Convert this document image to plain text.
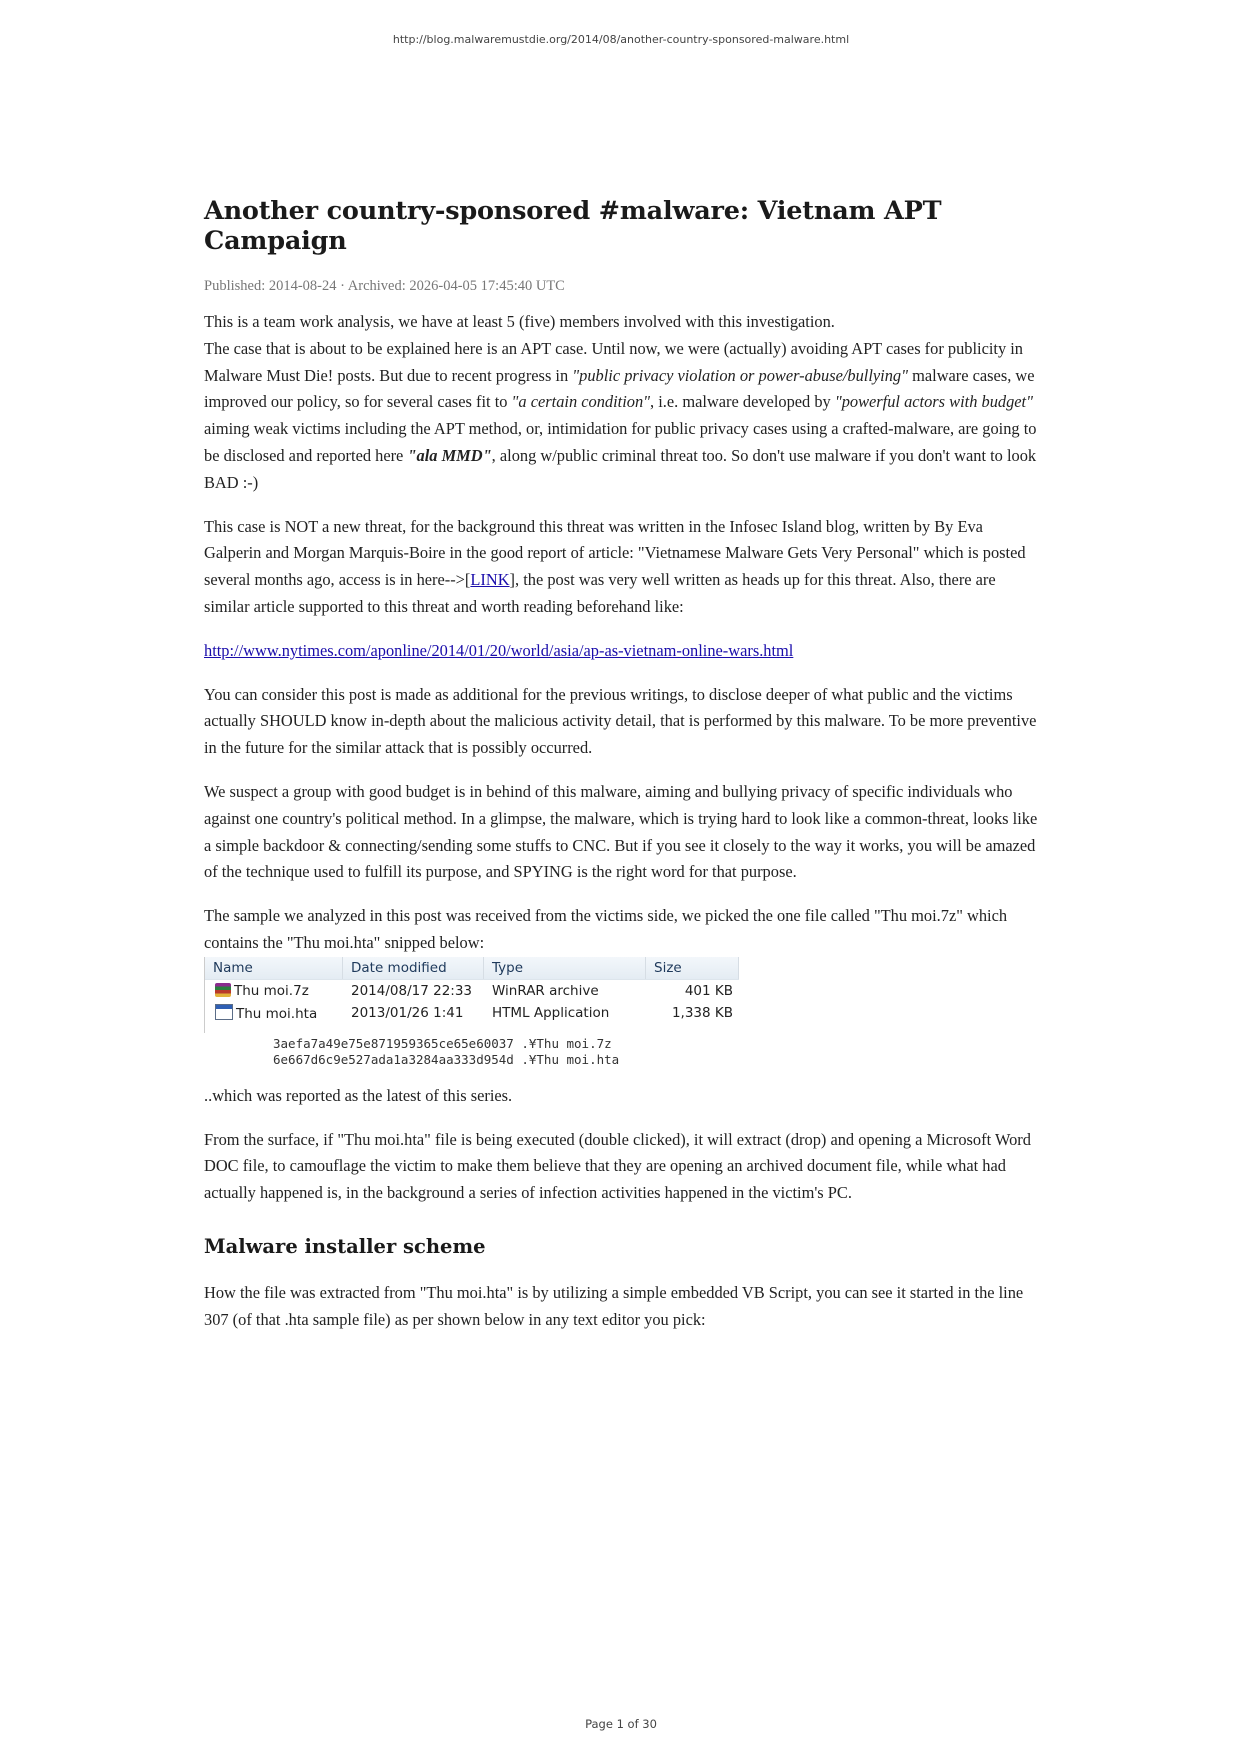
http://blog.malwaremustdie.org/2014/08/another-country-sponsored-malware.html
Another country-sponsored #malware: Vietnam APT Campaign
Published: 2014-08-24 · Archived: 2026-04-05 17:45:40 UTC

This is a team work analysis, we have at least 5 (five) members involved with this investigation.

The case that is about to be explained here is an APT case. Until now, we were (actually) avoiding APT cases for publicity in Malware Must Die! posts. But due to recent progress in "public privacy violation or power-abuse/bullying" malware cases, we improved our policy, so for several cases fit to "a certain condition", i.e. malware developed by "powerful actors with budget" aiming weak victims including the APT method, or, intimidation for public privacy cases using a crafted-malware, are going to be disclosed and reported here "ala MMD", along w/public criminal threat too. So don't use malware if you don't want to look BAD :-)

This case is NOT a new threat, for the background this threat was written in the Infosec Island blog, written by By Eva Galperin and Morgan Marquis-Boire in the good report of article: "Vietnamese Malware Gets Very Personal" which is posted several months ago, access is in here-->[LINK], the post was very well written as heads up for this threat. Also, there are similar article supported to this threat and worth reading beforehand like:

http://www.nytimes.com/aponline/2014/01/20/world/asia/ap-as-vietnam-online-wars.html

You can consider this post is made as additional for the previous writings, to disclose deeper of what public and the victims actually SHOULD know in-depth about the malicious activity detail, that is performed by this malware. To be more preventive in the future for the similar attack that is possibly occurred.

We suspect a group with good budget is in behind of this malware, aiming and bullying privacy of specific individuals who against one country's political method. In a glimpse, the malware, which is trying hard to look like a common-threat, looks like a simple backdoor & connecting/sending some stuffs to CNC. But if you see it closely to the way it works, you will be amazed of the technique used to fulfill its purpose, and SPYING is the right word for that purpose.

The sample we analyzed in this post was received from the victims side, we picked the one file called "Thu moi.7z" which contains the "Thu moi.hta" snipped below:

Name	Date modified	Type	Size
Thu moi.7z	2014/08/17 22:33	WinRAR archive	401 KB
Thu moi.hta	2013/01/26 1:41	HTML Application	1,338 KB
3aefa7a49e75e871959365ce65e60037 .¥Thu moi.7z
6e667d6c9e527ada1a3284aa333d954d .¥Thu moi.hta

..which was reported as the latest of this series.

From the surface, if "Thu moi.hta" file is being executed (double clicked), it will extract (drop) and opening a Microsoft Word DOC file, to camouflage the victim to make them believe that they are opening an archived document file, while what had actually happened is, in the background a series of infection activities happened in the victim's PC.

Malware installer scheme

How the file was extracted from "Thu moi.hta" is by utilizing a simple embedded VB Script, you can see it started in the line 307 (of that .hta sample file) as per shown below in any text editor you pick:

Page 1 of 30
